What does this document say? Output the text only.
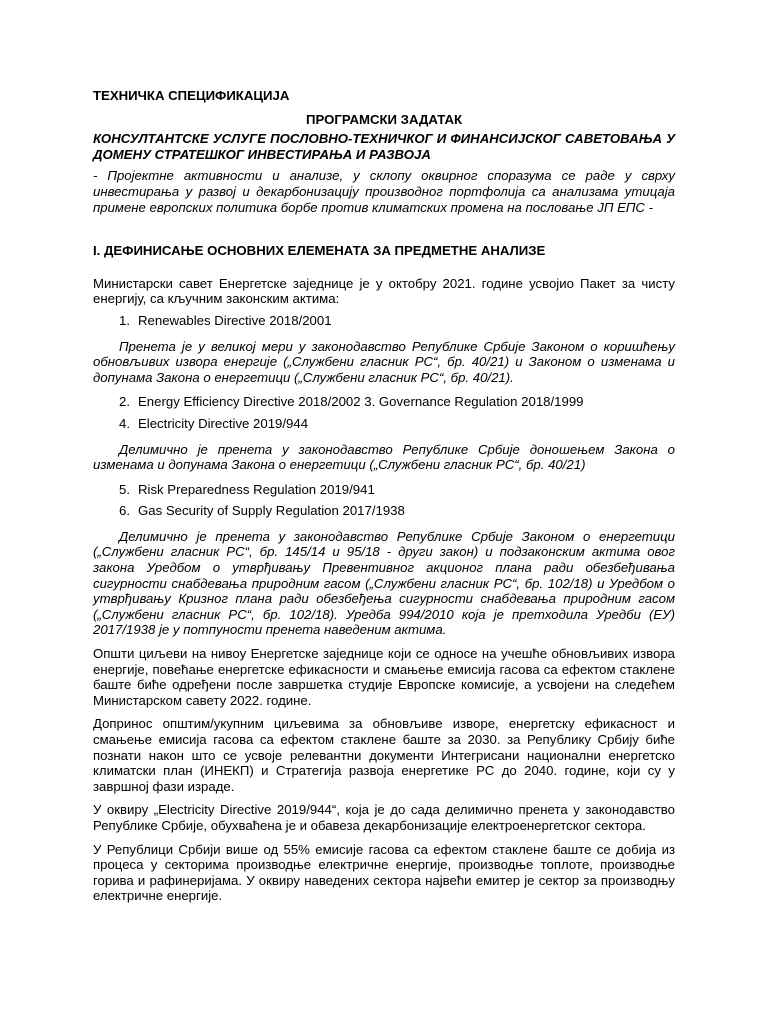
ТЕХНИЧКА СПЕЦИФИКАЦИЈА

ПРОГРАМСКИ ЗАДАТАК

КОНСУЛТАНТСКЕ УСЛУГЕ ПОСЛОВНО-ТЕХНИЧКОГ И ФИНАНСИЈСКОГ САВЕТОВАЊА У ДОМЕНУ СТРАТЕШКОГ ИНВЕСТИРАЊА И РАЗВОЈА

- Пројектне активности и анализе, у склопу оквирног споразума се раде у сврху инвестирања у развој и декарбонизацију производног портфолија са анализама утицаја примене европских политика борбе против климатских промена на пословање ЈП ЕПС -

I. ДЕФИНИСАЊЕ ОСНОВНИХ ЕЛЕМЕНАТА ЗА ПРЕДМЕТНЕ АНАЛИЗЕ

Министарски савет Енергетске заједнице је у октобру 2021. године усвојио Пакет за чисту енергију, са кључним законским актима:

1. Renewables Directive 2018/2001

Пренета је у великој мери у законодавство Републике Србије Законом о коришћењу обновљивих извора енергије („Службени гласник РС“, бр. 40/21) и Законом о изменама и допунама Закона о енергетици („Службени гласник РС“, бр. 40/21).

2. Energy Efficiency Directive 2018/2002 3. Governance Regulation 2018/1999
4. Electricity Directive 2019/944

Делимично је пренета у законодавство Републике Србије доношењем Закона о изменама и допунама Закона о енергетици („Службени гласник РС“, бр. 40/21)

5. Risk Preparedness Regulation 2019/941
6. Gas Security of Supply Regulation 2017/1938

Делимично је пренета у законодавство Републике Србије Законом о енергетици („Службени гласник РС“, бр. 145/14 и 95/18 - други закон) и подзаконским актима овог закона Уредбом о утврђивању Превентивног акционог плана ради обезбеђивања сигурности снабдевања природним гасом („Службени гласник РС“, бр. 102/18) и Уредбом о утврђивању Кризног плана ради обезбеђења сигурности снабдевања природним гасом („Службени гласник РС“, бр. 102/18). Уредба 994/2010 која је претходила Уредби (ЕУ) 2017/1938 је у потпуности пренета наведеним актима.

Општи циљеви на нивоу Енергетске заједнице који се односе на учешће обновљивих извора енергије, повећање енергетске ефикасности и смањење емисија гасова са ефектом стаклене баште биће одређени после завршетка студије Европске комисије, а усвојени на следећем Министарском савету 2022. године.

Допринос општим/укупним циљевима за обновљиве изворе, енергетску ефикасност и смањење емисија гасова са ефектом стаклене баште за 2030. за Републику Србију биће познати након што се усвоје релевантни документи Интегрисани национални енергетско климатски план (ИНЕКП) и Стратегија развоја енергетике РС до 2040. године, који су у завршној фази израде.

У оквиру „Electricity Directive 2019/944“, која је до сада делимично пренета у законодавство Републике Србије, обухваћена је и обавеза декарбонизације електроенергетског сектора.

У Републици Србији више од 55% емисије гасова са ефектом стаклене баште се добија из процеса у секторима производње електричне енергије, производње топлоте, производње горива и рафинеријама. У оквиру наведених сектора највећи емитер је сектор за производњу електричне енергије.
